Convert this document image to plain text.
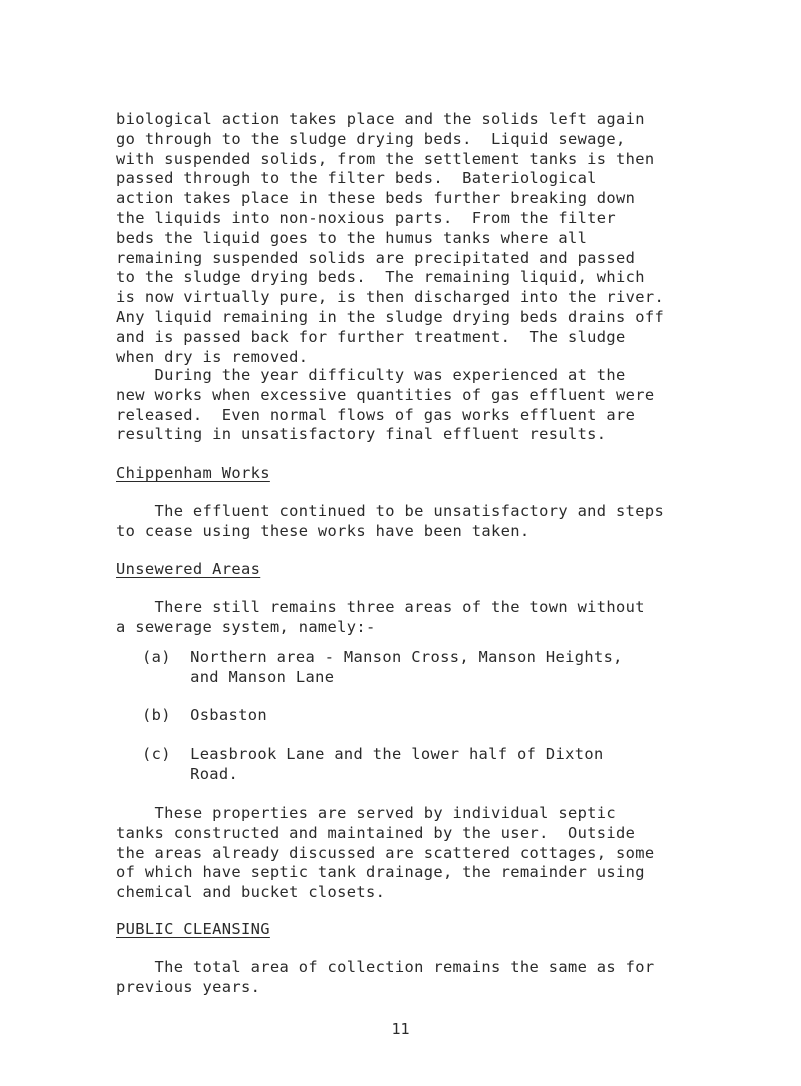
biological action takes place and the solids left again
go through to the sludge drying beds.  Liquid sewage,
with suspended solids, from the settlement tanks is then
passed through to the filter beds.  Bateriological
action takes place in these beds further breaking down
the liquids into non-noxious parts.  From the filter
beds the liquid goes to the humus tanks where all
remaining suspended solids are precipitated and passed
to the sludge drying beds.  The remaining liquid, which
is now virtually pure, is then discharged into the river.
Any liquid remaining in the sludge drying beds drains off
and is passed back for further treatment.  The sludge
when dry is removed.

During the year difficulty was experienced at the
new works when excessive quantities of gas effluent were
released.  Even normal flows of gas works effluent are
resulting in unsatisfactory final effluent results.

Chippenham Works

The effluent continued to be unsatisfactory and steps
to cease using these works have been taken.

Unsewered Areas

There still remains three areas of the town without
a sewerage system, namely:-

(a)  Northern area - Manson Cross, Manson Heights,
and Manson Lane

(b)  Osbaston

(c)  Leasbrook Lane and the lower half of Dixton
Road.

These properties are served by individual septic
tanks constructed and maintained by the user.  Outside
the areas already discussed are scattered cottages, some
of which have septic tank drainage, the remainder using
chemical and bucket closets.

PUBLIC CLEANSING

The total area of collection remains the same as for
previous years.

11
